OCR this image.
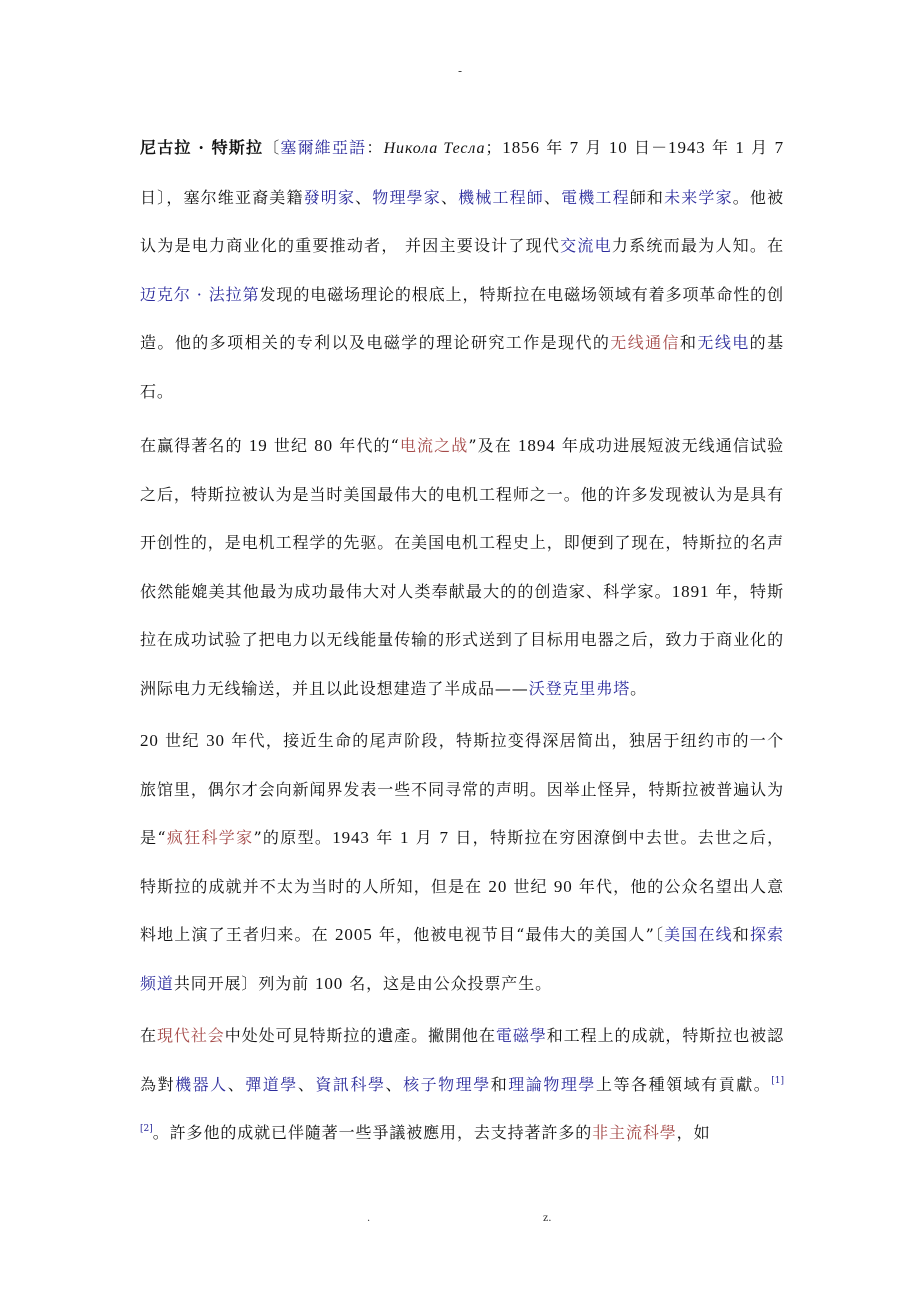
-

尼古拉 · 特斯拉〔塞爾維亞語：Никола Тесла；1856 年 7 月 10 日－1943 年 1 月 7 日〕，塞尔维亚裔美籍發明家、物理學家、機械工程師、電機工程師和未来学家。他被认为是电力商业化的重要推动者， 并因主要设计了现代交流电力系统而最为人知。在迈克尔 · 法拉第发现的电磁场理论的根底上，特斯拉在电磁场领域有着多项革命性的创造。他的多项相关的专利以及电磁学的理论研究工作是现代的无线通信和无线电的基石。

在赢得著名的 19 世纪 80 年代的“电流之战”及在 1894 年成功进展短波无线通信试验之后，特斯拉被认为是当时美国最伟大的电机工程师之一。他的许多发现被认为是具有开创性的，是电机工程学的先驱。在美国电机工程史上，即便到了现在，特斯拉的名声依然能媲美其他最为成功最伟大对人类奉献最大的的创造家、科学家。1891 年，特斯拉在成功试验了把电力以无线能量传输的形式送到了目标用电器之后，致力于商业化的洲际电力无线输送，并且以此设想建造了半成品——沃登克里弗塔。

20 世纪 30 年代，接近生命的尾声阶段，特斯拉变得深居简出，独居于纽约市的一个旅馆里，偶尔才会向新闻界发表一些不同寻常的声明。因举止怪异，特斯拉被普遍认为是“疯狂科学家”的原型。1943 年 1 月 7 日，特斯拉在穷困潦倒中去世。去世之后，特斯拉的成就并不太为当时的人所知，但是在 20 世纪 90 年代，他的公众名望出人意料地上演了王者归来。在 2005 年，他被电视节目“最伟大的美国人”〔美国在线和探索频道共同开展〕列为前 100 名，这是由公众投票产生。

在現代社会中处处可見特斯拉的遺產。撇開他在電磁學和工程上的成就，特斯拉也被認為對機器人、彈道學、資訊科學、核子物理學和理論物理學上等各種領域有貢獻。[1][2]。許多他的成就已伴隨著一些爭議被應用，去支持著許多的非主流科學，如

.	z.
